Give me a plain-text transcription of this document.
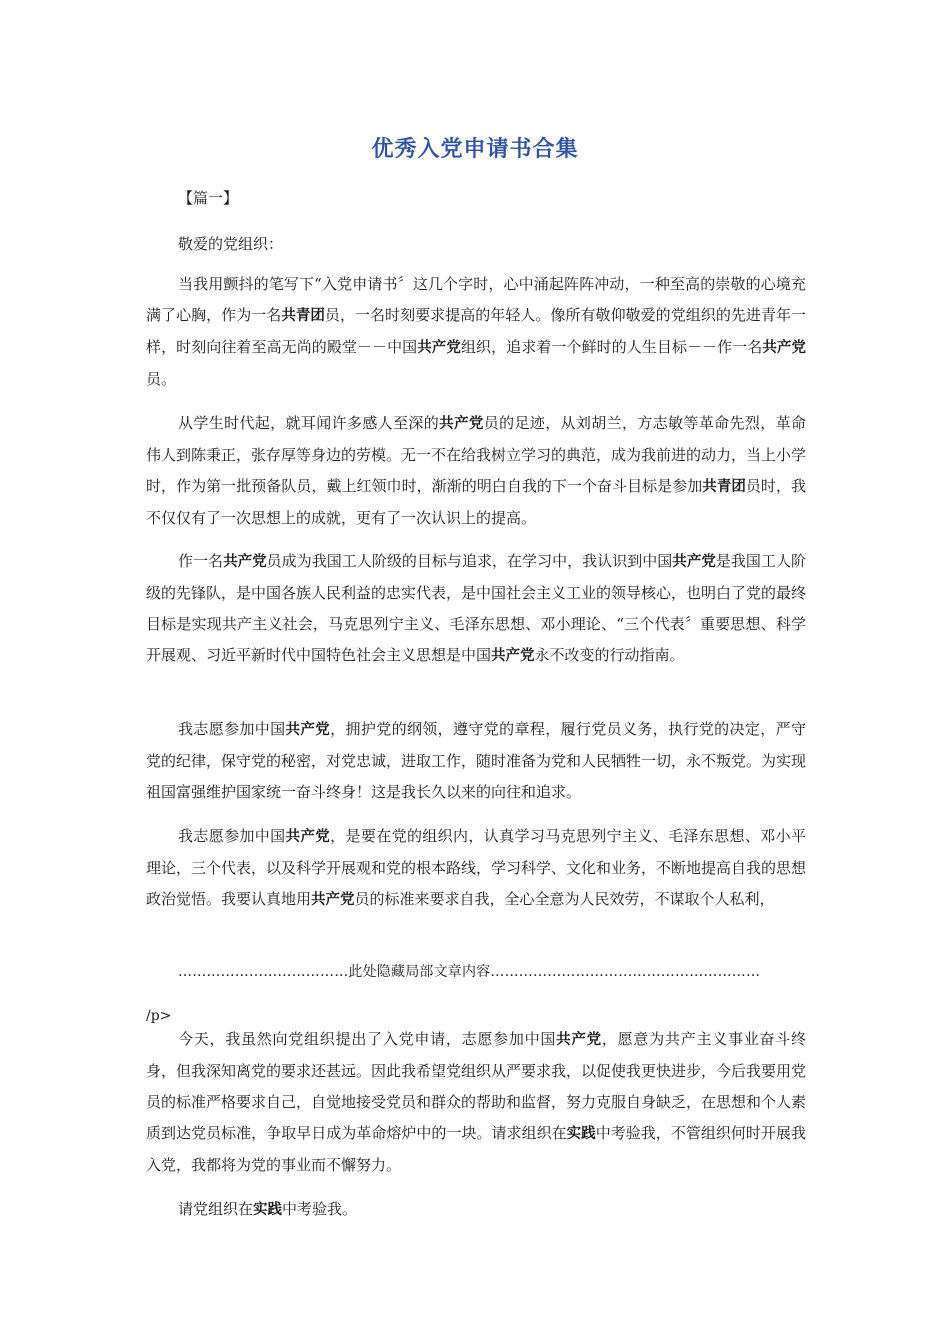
优秀入党申请书合集
【篇一】
敬爱的党组织：

当我用颤抖的笔写下“入党申请书〞这几个字时，心中涌起阵阵冲动，一种至高的崇敬的心境充满了心胸，作为一名共青团员，一名时刻要求提高的年轻人。像所有敬仰敬爱的党组织的先进青年一样，时刻向往着至高无尚的殿堂－－中国共产党组织，追求着一个鲜时的人生目标－－作一名共产党员。

从学生时代起，就耳闻许多感人至深的共产党员的足迹，从刘胡兰，方志敏等革命先烈，革命伟人到陈秉正，张存厚等身边的劳模。无一不在给我树立学习的典范，成为我前进的动力，当上小学时，作为第一批预备队员，戴上红领巾时，渐渐的明白自我的下一个奋斗目标是参加共青团员时，我不仅仅有了一次思想上的成就，更有了一次认识上的提高。

作一名共产党员成为我国工人阶级的目标与追求，在学习中，我认识到中国共产党是我国工人阶级的先锋队，是中国各族人民利益的忠实代表，是中国社会主义工业的领导核心，也明白了党的最终目标是实现共产主义社会，马克思列宁主义、毛泽东思想、邓小理论、“三个代表〞重要思想、科学开展观、习近平新时代中国特色社会主义思想是中国共产党永不改变的行动指南。

我志愿参加中国共产党，拥护党的纲领，遵守党的章程，履行党员义务，执行党的决定，严守党的纪律，保守党的秘密，对党忠诚，进取工作，随时准备为党和人民牺牲一切，永不叛党。为实现祖国富强维护国家统一奋斗终身！这是我长久以来的向往和追求。

我志愿参加中国共产党，是要在党的组织内，认真学习马克思列宁主义、毛泽东思想、邓小平理论，三个代表，以及科学开展观和党的根本路线，学习科学、文化和业务，不断地提高自我的思想政治觉悟。我要认真地用共产党员的标准来要求自我，全心全意为人民效劳，不谋取个人私利，

………………………………此处隐藏局部文章内容…………………………………………………
/p>

今天，我虽然向党组织提出了入党申请，志愿参加中国共产党，愿意为共产主义事业奋斗终身，但我深知离党的要求还甚远。因此我希望党组织从严要求我，以促使我更快进步，今后我要用党员的标准严格要求自己，自觉地接受党员和群众的帮助和监督，努力克服自身缺乏，在思想和个人素质到达党员标准，争取早日成为革命熔炉中的一块。请求组织在实践中考验我，不管组织何时开展我入党，我都将为党的事业而不懈努力。

请党组织在实践中考验我。
